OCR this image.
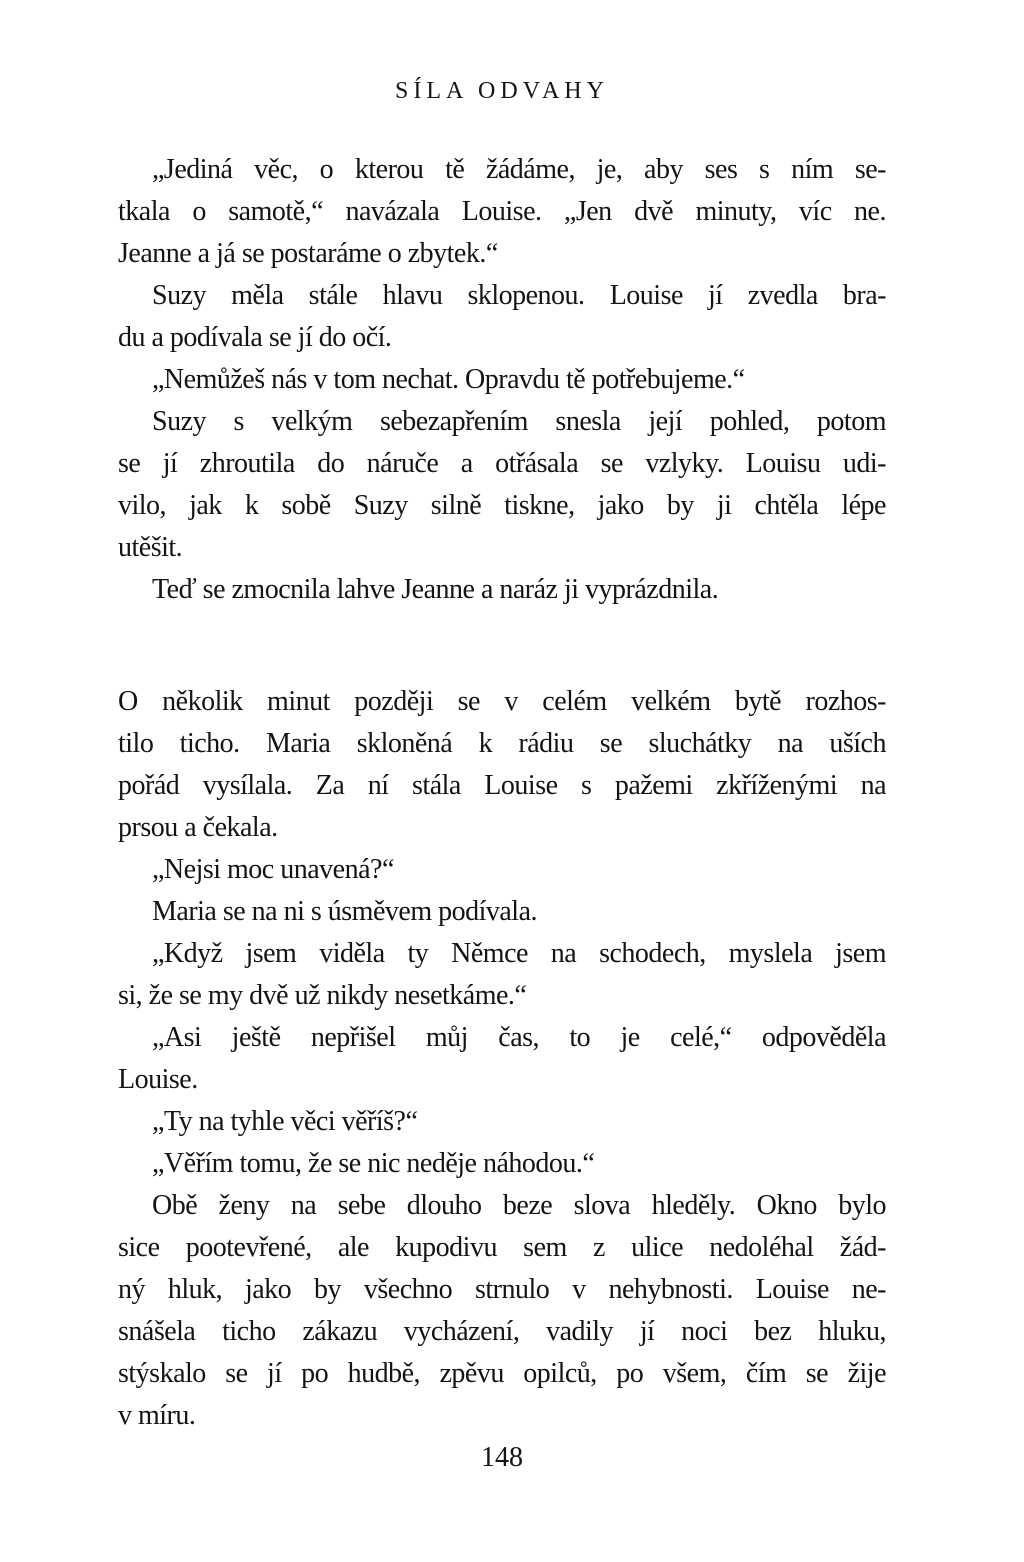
SÍLA ODVAHY
„Jediná věc, o kterou tě žádáme, je, aby ses s ním se-
tkala o samotě,“ navázala Louise. „Jen dvě minuty, víc ne.
Jeanne a já se postaráme o zbytek.“
Suzy měla stále hlavu sklopenou. Louise jí zvedla bra-
du a podívala se jí do očí.
„Nemůžeš nás v tom nechat. Opravdu tě potřebujeme.“
Suzy s velkým sebezapřením snesla její pohled, potom
se jí zhroutila do náruče a otřásala se vzlyky. Louisu udi-
vilo, jak k sobě Suzy silně tiskne, jako by ji chtěla lépe
utěšit.
Teď se zmocnila lahve Jeanne a naráz ji vyprázdnila.
O několik minut později se v celém velkém bytě rozhos-
tilo ticho. Maria skloněná k rádiu se sluchátky na uších
pořád vysílala. Za ní stála Louise s pažemi zkříženými na
prsou a čekala.
„Nejsi moc unavená?“
Maria se na ni s úsměvem podívala.
„Když jsem viděla ty Němce na schodech, myslela jsem
si, že se my dvě už nikdy nesetkáme.“
„Asi ještě nepřišel můj čas, to je celé,“ odpověděla
Louise.
„Ty na tyhle věci věříš?“
„Věřím tomu, že se nic neděje náhodou.“
Obě ženy na sebe dlouho beze slova hleděly. Okno bylo
sice pootevřené, ale kupodivu sem z ulice nedoléhal žád-
ný hluk, jako by všechno strnulo v nehybnosti. Louise ne-
snášela ticho zákazu vycházení, vadily jí noci bez hluku,
stýskalo se jí po hudbě, zpěvu opilců, po všem, čím se žije
v míru.
148
